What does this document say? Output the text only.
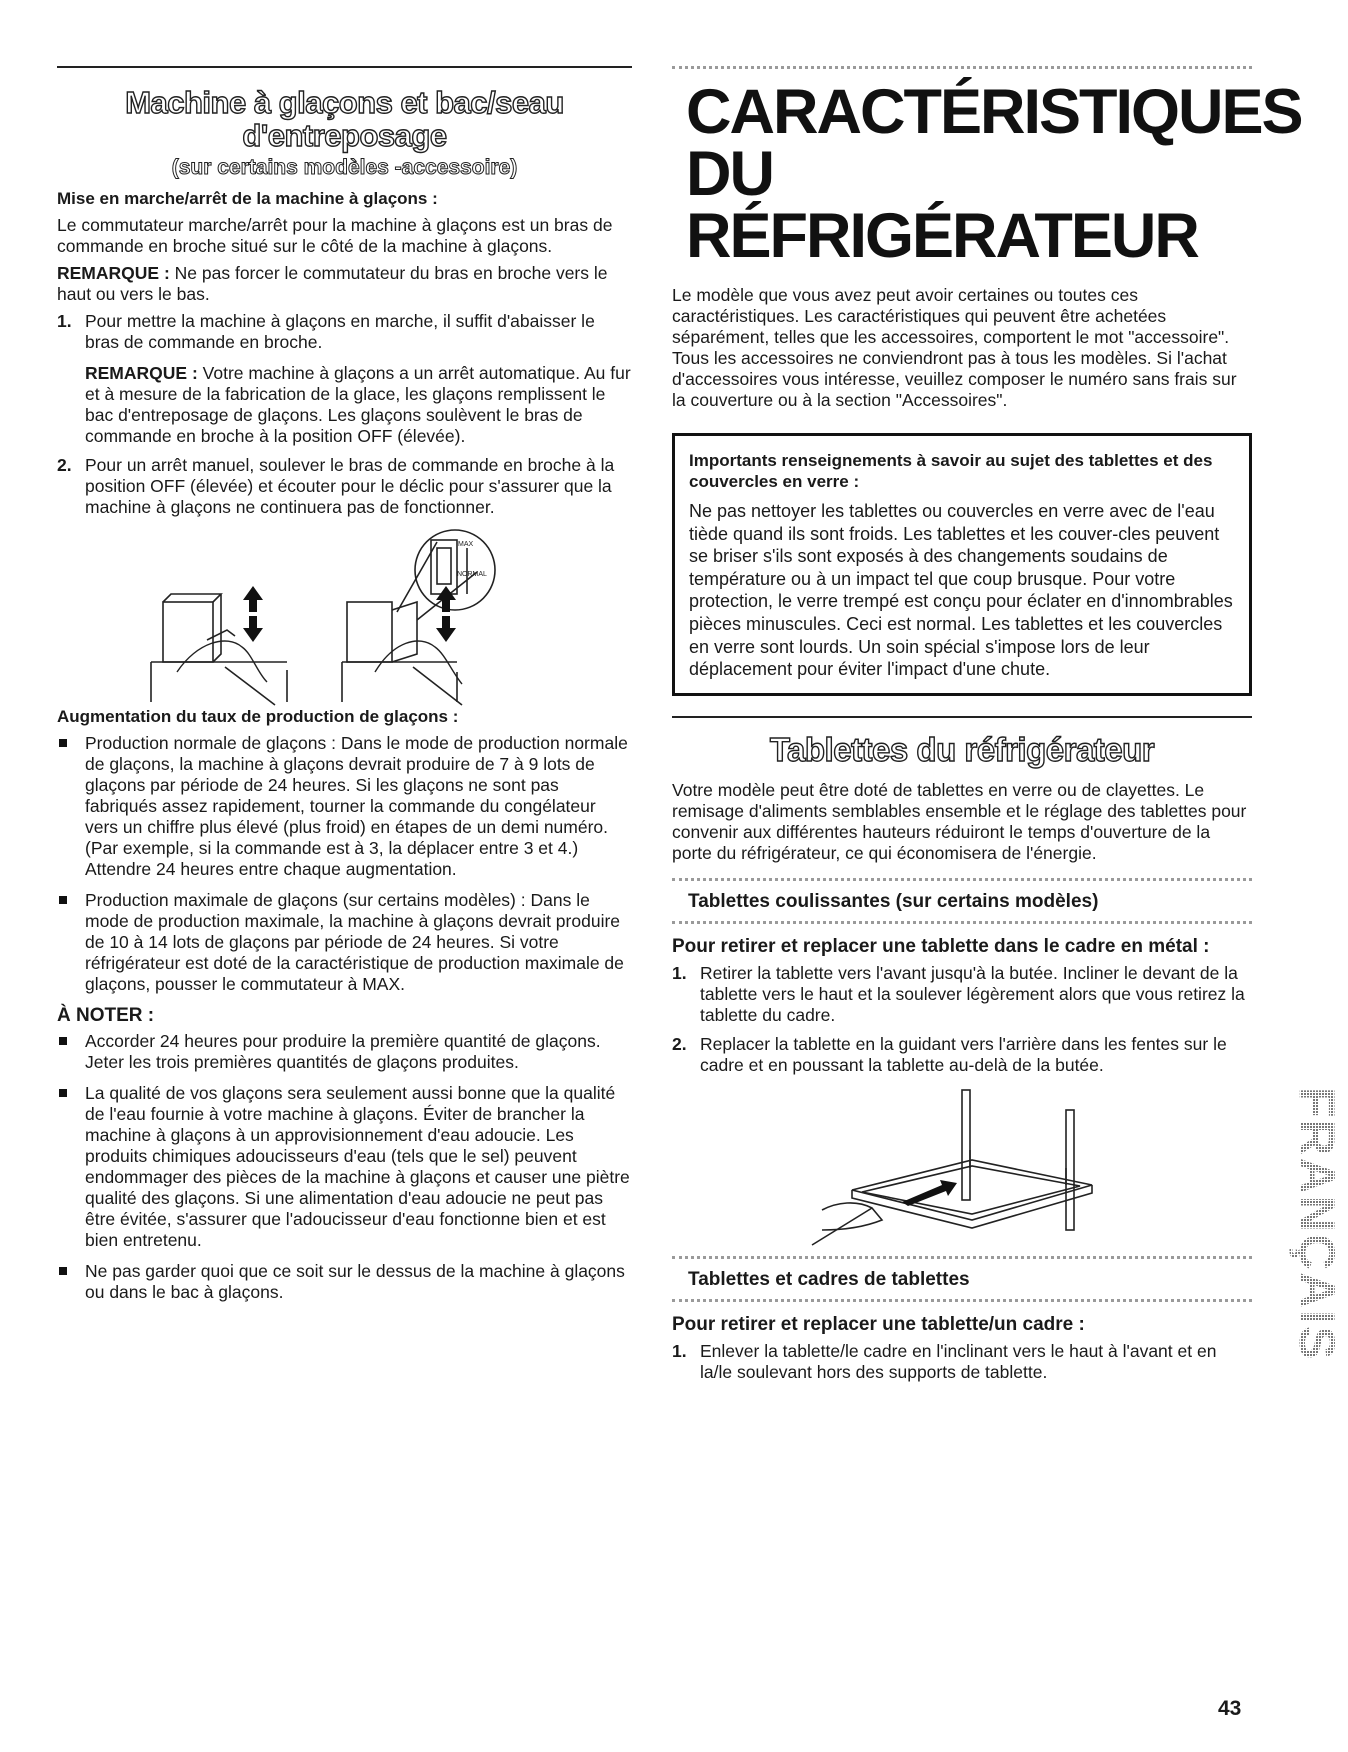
Machine à glaçons et bac/seau
d'entreposage
(sur certains modèles -accessoire)

Mise en marche/arrêt de la machine à glaçons :

Le commutateur marche/arrêt pour la machine à glaçons est un bras de commande en broche situé sur le côté de la machine à glaçons.

REMARQUE : Ne pas forcer le commutateur du bras en broche vers le haut ou vers le bas.

1. Pour mettre la machine à glaçons en marche, il suffit d'abaisser le bras de commande en broche.

REMARQUE : Votre machine à glaçons a un arrêt automatique. Au fur et à mesure de la fabrication de la glace, les glaçons remplissent le bac d'entreposage de glaçons. Les glaçons soulèvent le bras de commande en broche à la position OFF (élevée).

2. Pour un arrêt manuel, soulever le bras de commande en broche à la position OFF (élevée) et écouter pour le déclic pour s'assurer que la machine à glaçons ne continuera pas de fonctionner.
MAX
NORMAL

Augmentation du taux de production de glaçons :

Production normale de glaçons : Dans le mode de production normale de glaçons, la machine à glaçons devrait produire de 7 à 9 lots de glaçons par période de 24 heures. Si les glaçons ne sont pas fabriqués assez rapidement, tourner la commande du congélateur vers un chiffre plus élevé (plus froid) en étapes de un demi numéro. (Par exemple, si la commande est à 3, la déplacer entre 3 et 4.) Attendre 24 heures entre chaque augmentation.
Production maximale de glaçons (sur certains modèles) : Dans le mode de production maximale, la machine à glaçons devrait produire de 10 à 14 lots de glaçons par période de 24 heures. Si votre réfrigérateur est doté de la caractéristique de production maximale de glaçons, pousser le commutateur à MAX.

À NOTER :

Accorder 24 heures pour produire la première quantité de glaçons. Jeter les trois premières quantités de glaçons produites.
La qualité de vos glaçons sera seulement aussi bonne que la qualité de l'eau fournie à votre machine à glaçons. Éviter de brancher la machine à glaçons à un approvisionnement d'eau adoucie. Les produits chimiques adoucisseurs d'eau (tels que le sel) peuvent endommager des pièces de la machine à glaçons et causer une piètre qualité des glaçons. Si une alimentation d'eau adoucie ne peut pas être évitée, s'assurer que l'adoucisseur d'eau fonctionne bien et est bien entretenu.
Ne pas garder quoi que ce soit sur le dessus de la machine à glaçons ou dans le bac à glaçons.
CARACTÉRISTIQUES
DU RÉFRIGÉRATEUR

Le modèle que vous avez peut avoir certaines ou toutes ces caractéristiques. Les caractéristiques qui peuvent être achetées séparément, telles que les accessoires, comportent le mot "accessoire". Tous les accessoires ne conviendront pas à tous les modèles. Si l'achat d'accessoires vous intéresse, veuillez composer le numéro sans frais sur la couverture ou à la section "Accessoires".

Importants renseignements à savoir au sujet des tablettes et des couvercles en verre :

Ne pas nettoyer les tablettes ou couvercles en verre avec de l'eau tiède quand ils sont froids. Les tablettes et les couver-cles peuvent se briser s'ils sont exposés à des changements soudains de température ou à un impact tel que coup brusque. Pour votre protection, le verre trempé est conçu pour éclater en d'innombrables pièces minuscules. Ceci est normal. Les tablettes et les couvercles en verre sont lourds. Un soin spécial s'impose lors de leur déplacement pour éviter l'impact d'une chute.

Tablettes du réfrigérateur

Votre modèle peut être doté de tablettes en verre ou de clayettes. Le remisage d'aliments semblables ensemble et le réglage des tablettes pour convenir aux différentes hauteurs réduiront le temps d'ouverture de la porte du réfrigérateur, ce qui économisera de l'énergie.

Tablettes coulissantes (sur certains modèles)

Pour retirer et replacer une tablette dans le cadre en métal :

1. Retirer la tablette vers l'avant jusqu'à la butée. Incliner le devant de la tablette vers le haut et la soulever légèrement alors que vous retirez la tablette du cadre.
2. Replacer la tablette en la guidant vers l'arrière dans les fentes sur le cadre et en poussant la tablette au-delà de la butée.
Tablettes et cadres de tablettes

Pour retirer et replacer une tablette/un cadre :

1. Enlever la tablette/le cadre en l'inclinant vers le haut à l'avant et en la/le soulevant hors des supports de tablette.
FRANÇAIS
43
